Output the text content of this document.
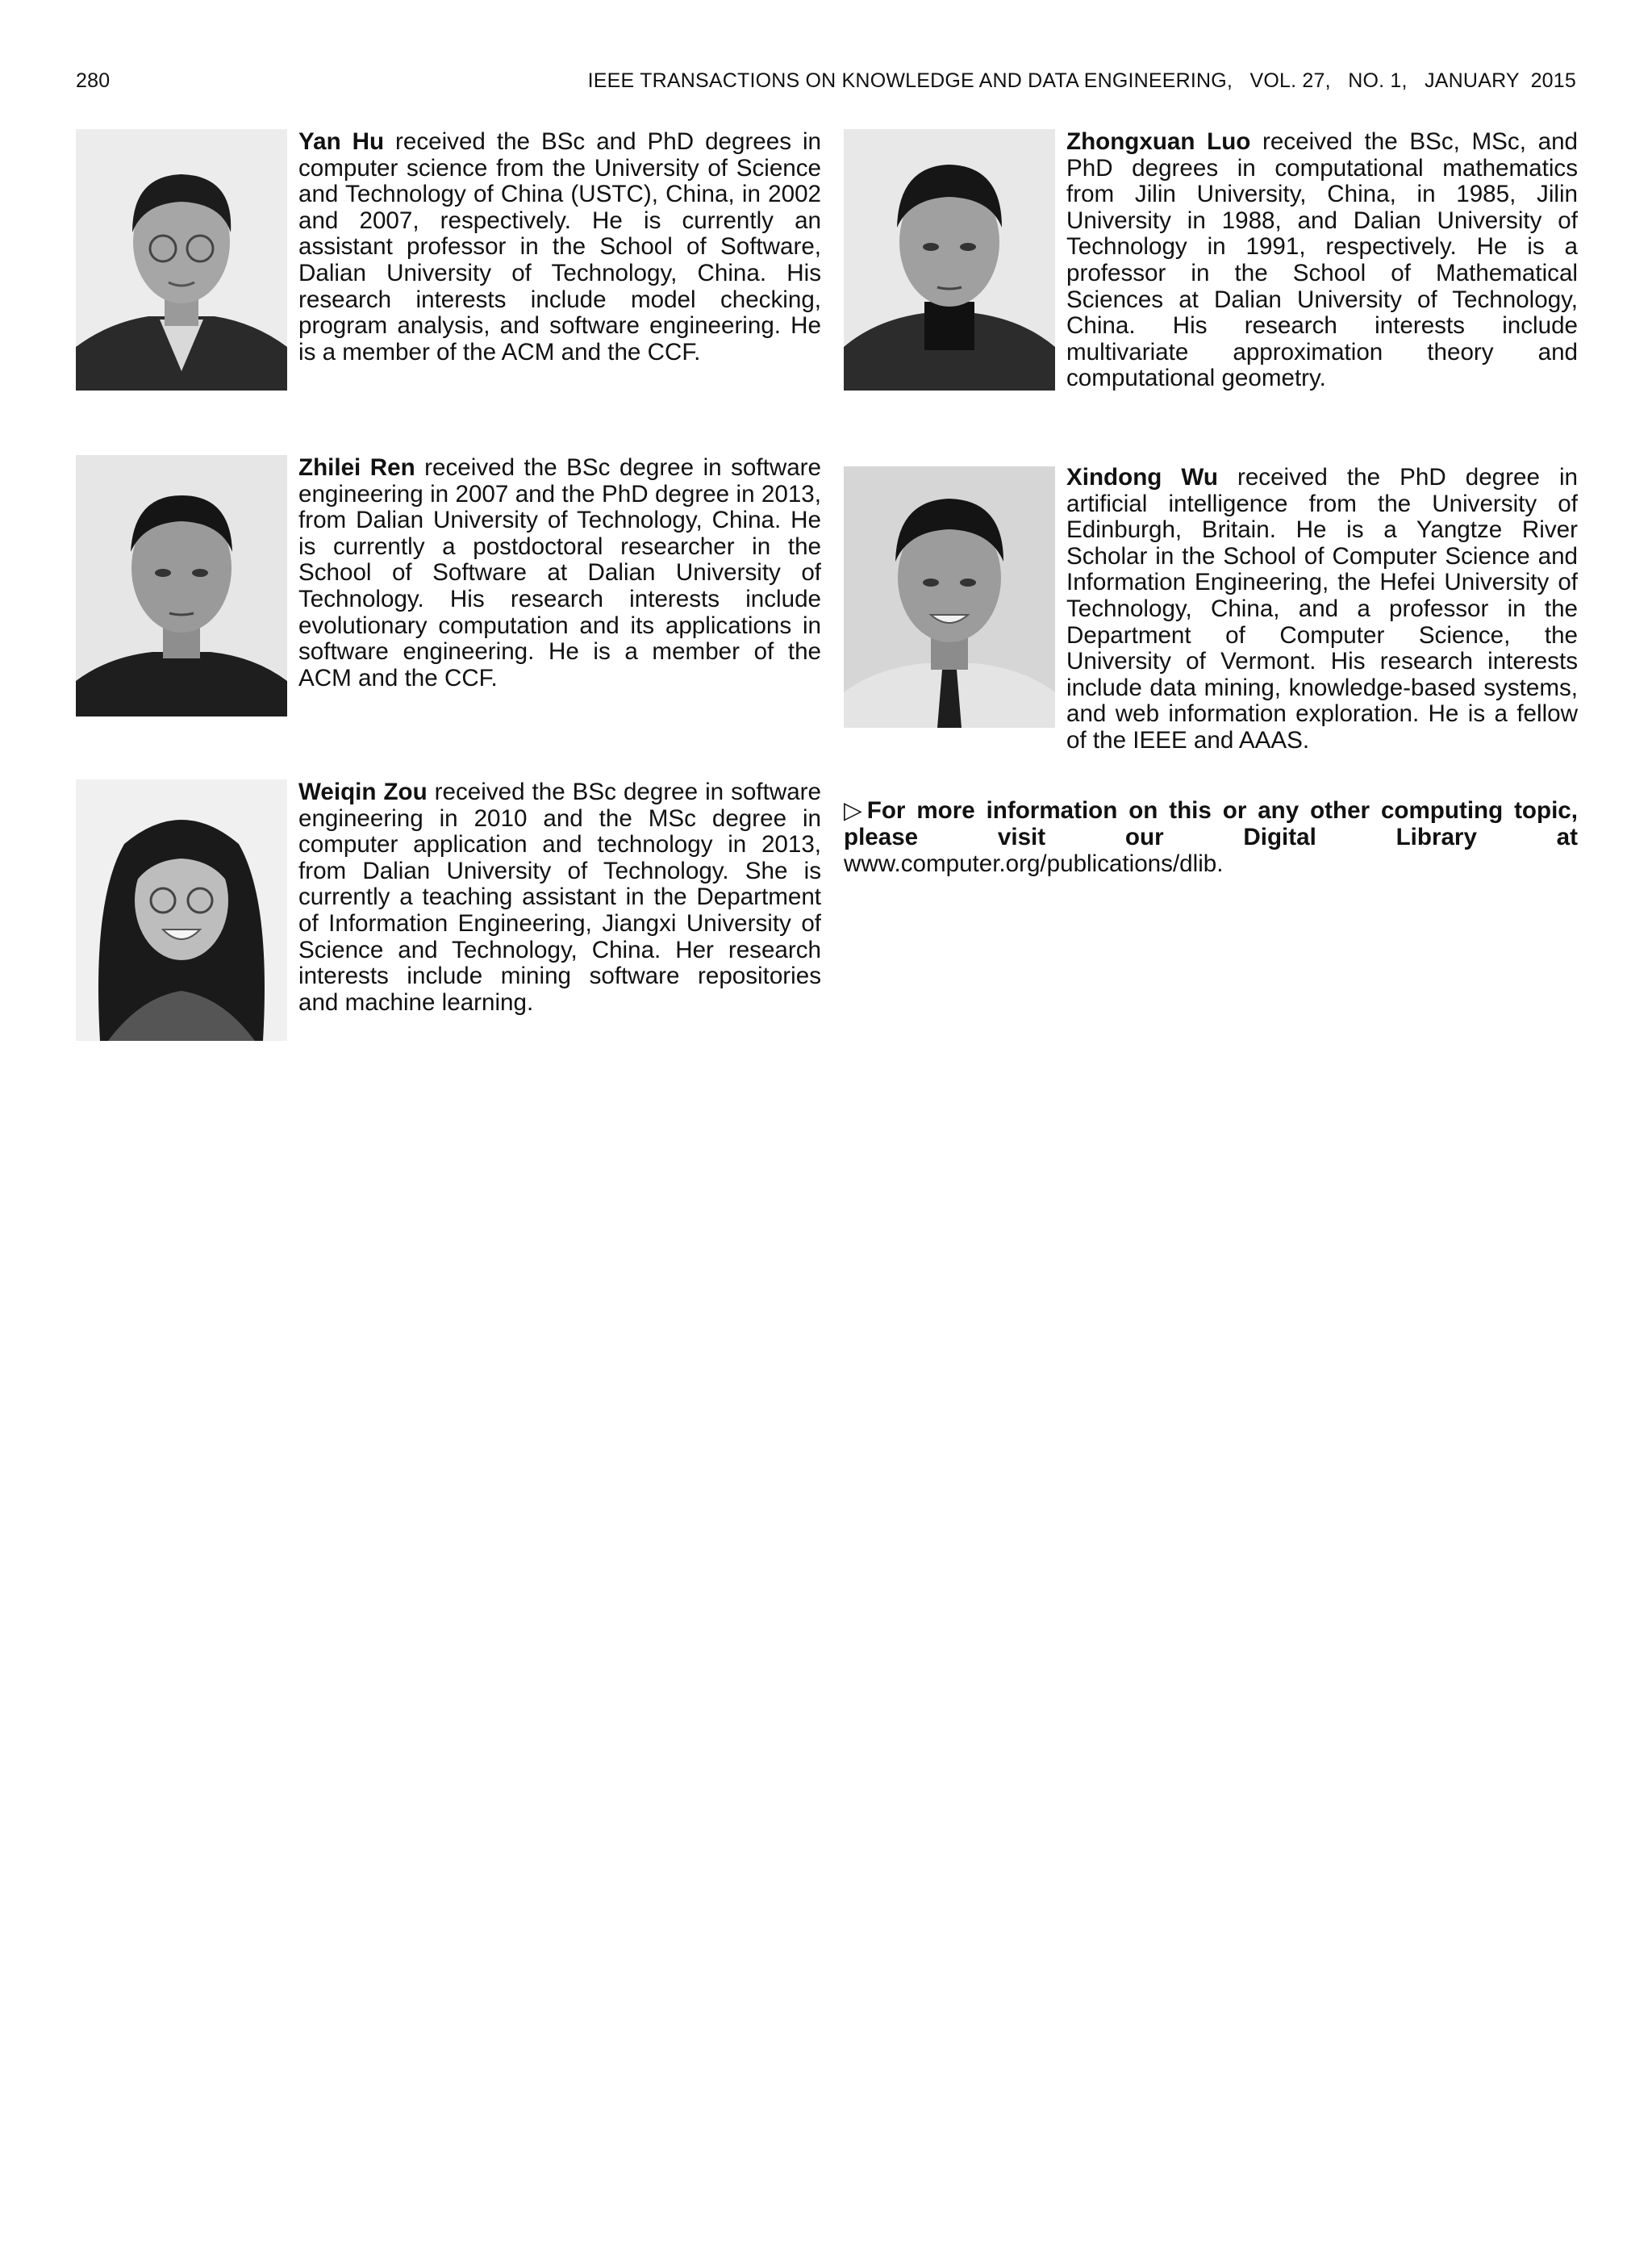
280	IEEE TRANSACTIONS ON KNOWLEDGE AND DATA ENGINEERING,   VOL. 27,   NO. 1,   JANUARY  2015
Yan Hu received the BSc and PhD degrees in computer science from the University of Science and Technology of China (USTC), China, in 2002 and 2007, respectively. He is currently an assistant professor in the School of Software, Dalian University of Technology, China. His research interests include model checking, program analysis, and software engineering. He is a member of the ACM and the CCF.
Zhilei Ren received the BSc degree in software engineering in 2007 and the PhD degree in 2013, from Dalian University of Technology, China. He is currently a postdoctoral researcher in the School of Software at Dalian University of Technology. His research interests include evolutionary computation and its applications in software engineering. He is a member of the ACM and the CCF.
Weiqin Zou received the BSc degree in software engineering in 2010 and the MSc degree in computer application and technology in 2013, from Dalian University of Technology. She is currently a teaching assistant in the Department of Information Engineering, Jiangxi University of Science and Technology, China. Her research interests include mining software repositories and machine learning.
Zhongxuan Luo received the BSc, MSc, and PhD degrees in computational mathematics from Jilin University, China, in 1985, Jilin University in 1988, and Dalian University of Technology in 1991, respectively. He is a professor in the School of Mathematical Sciences at Dalian University of Technology, China. His research interests include multivariate approximation theory and computational geometry.
Xindong Wu received the PhD degree in artificial intelligence from the University of Edinburgh, Britain. He is a Yangtze River Scholar in the School of Computer Science and Information Engineering, the Hefei University of Technology, China, and a professor in the Department of Computer Science, the University of Vermont. His research interests include data mining, knowledge-based systems, and web information exploration. He is a fellow of the IEEE and AAAS.
▷ For more information on this or any other computing topic, please visit our Digital Library at www.computer.org/publications/dlib.
